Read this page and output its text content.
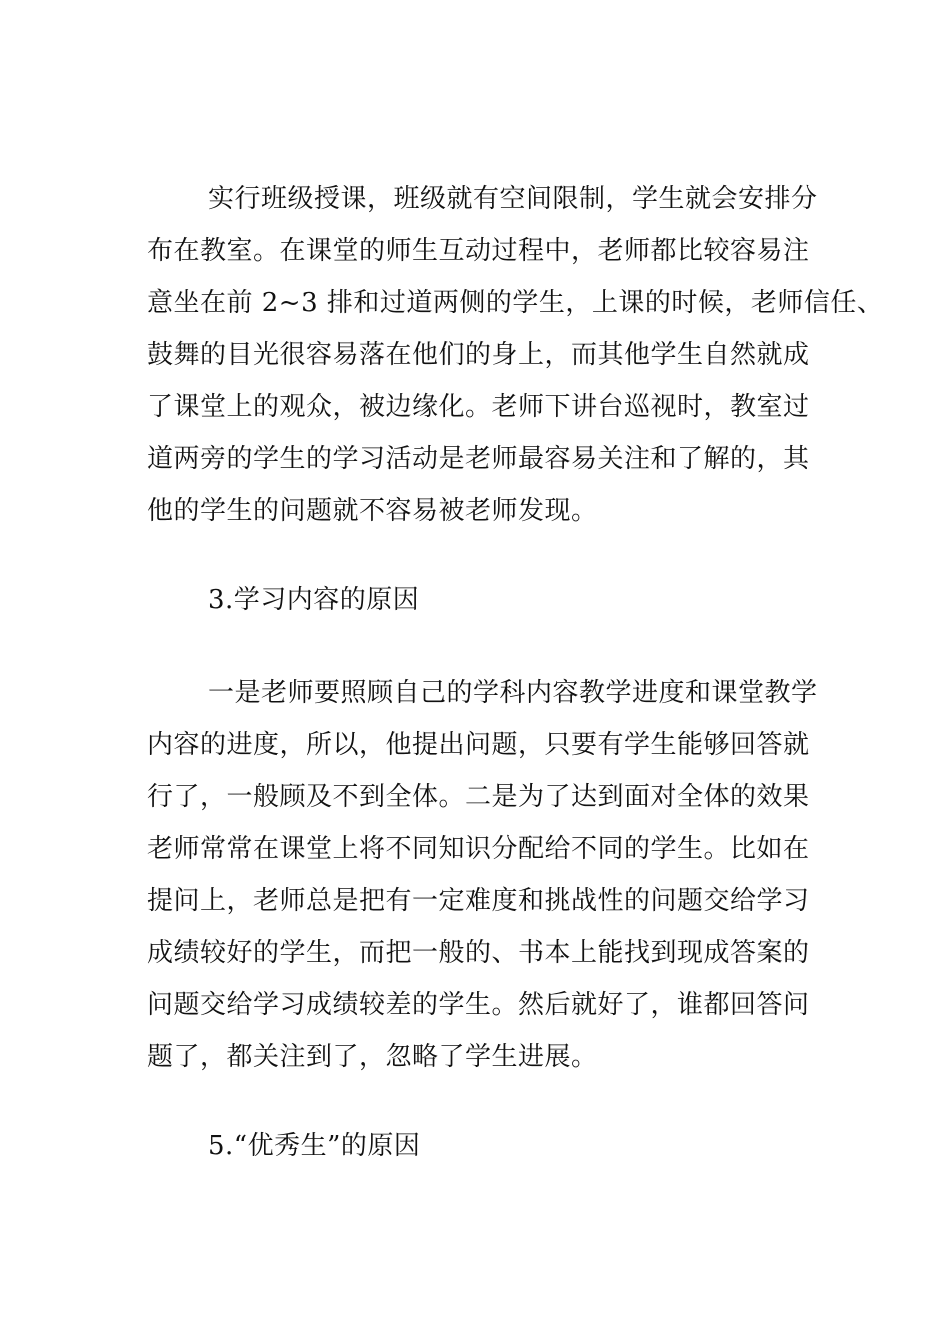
实行班级授课，班级就有空间限制，学生就会安排分
布在教室。在课堂的师生互动过程中，老师都比较容易注
意坐在前 2~3 排和过道两侧的学生，上课的时候，老师信任、
鼓舞的目光很容易落在他们的身上，而其他学生自然就成
了课堂上的观众，被边缘化。老师下讲台巡视时，教室过
道两旁的学生的学习活动是老师最容易关注和了解的，其
他的学生的问题就不容易被老师发现。
3.学习内容的原因
一是老师要照顾自己的学科内容教学进度和课堂教学
内容的进度，所以，他提出问题，只要有学生能够回答就
行了，一般顾及不到全体。二是为了达到面对全体的效果
老师常常在课堂上将不同知识分配给不同的学生。比如在
提问上，老师总是把有一定难度和挑战性的问题交给学习
成绩较好的学生，而把一般的、书本上能找到现成答案的
问题交给学习成绩较差的学生。然后就好了，谁都回答问
题了，都关注到了，忽略了学生进展。
5.“优秀生”的原因
